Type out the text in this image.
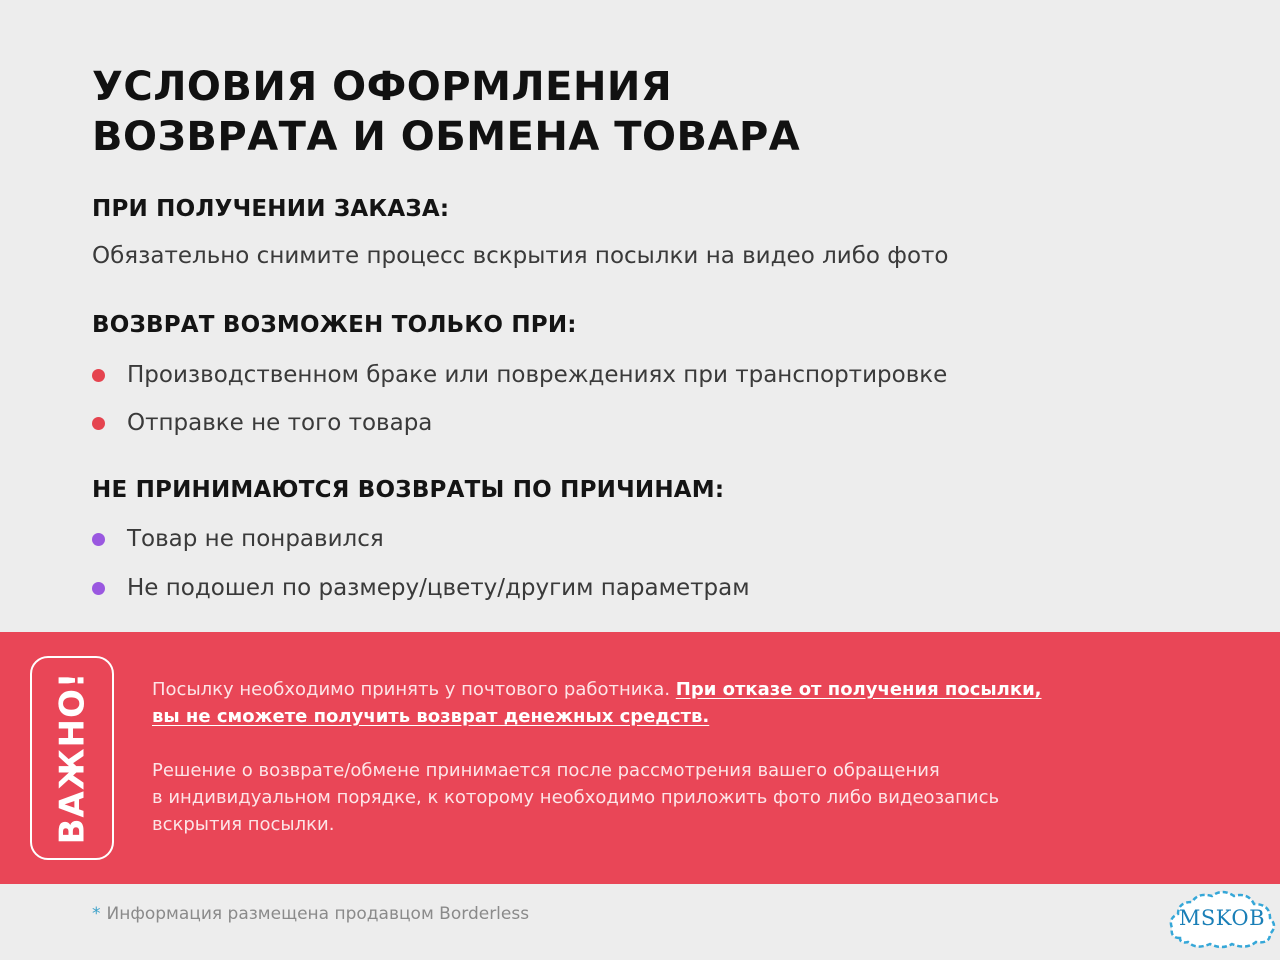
УСЛОВИЯ ОФОРМЛЕНИЯ
ВОЗВРАТА И ОБМЕНА ТОВАРА
ПРИ ПОЛУЧЕНИИ ЗАКАЗА:

Обязательно снимите процесс вскрытия посылки на видео либо фото

ВОЗВРАТ ВОЗМОЖЕН ТОЛЬКО ПРИ:
Производственном браке или повреждениях при транспортировке
Отправке не того товара
НЕ ПРИНИМАЮТСЯ ВОЗВРАТЫ ПО ПРИЧИНАМ:
Товар не понравился
Не подошел по размеру/цвету/другим параметрам
ВАЖНО!	Посылку необходимо принять у почтового работника. При отказе от получения посылки,
вы не сможете получить возврат денежных средств.

Решение о возврате/обмене принимается после рассмотрения вашего обращения
в индивидуальном порядке, к которому необходимо приложить фото либо видеозапись
вскрытия посылки.

* Информация размещена продавцом Borderless	MSKOB
